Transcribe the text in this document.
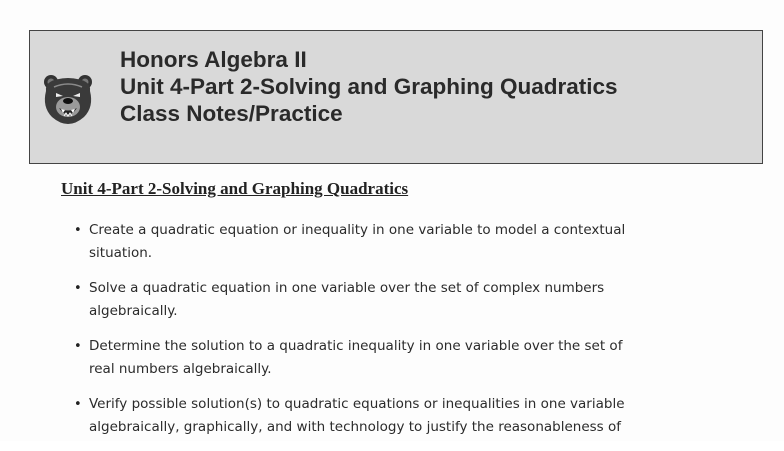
Honors Algebra II
Unit 4-Part 2-Solving and Graphing Quadratics
Class Notes/Practice
Unit 4-Part 2-Solving and Graphing Quadratics
• Create a quadratic equation or inequality in one variable to model a contextual situation.
• Solve a quadratic equation in one variable over the set of complex numbers algebraically.
• Determine the solution to a quadratic inequality in one variable over the set of real numbers algebraically.
• Verify possible solution(s) to quadratic equations or inequalities in one variable algebraically, graphically, and with technology to justify the reasonableness of
